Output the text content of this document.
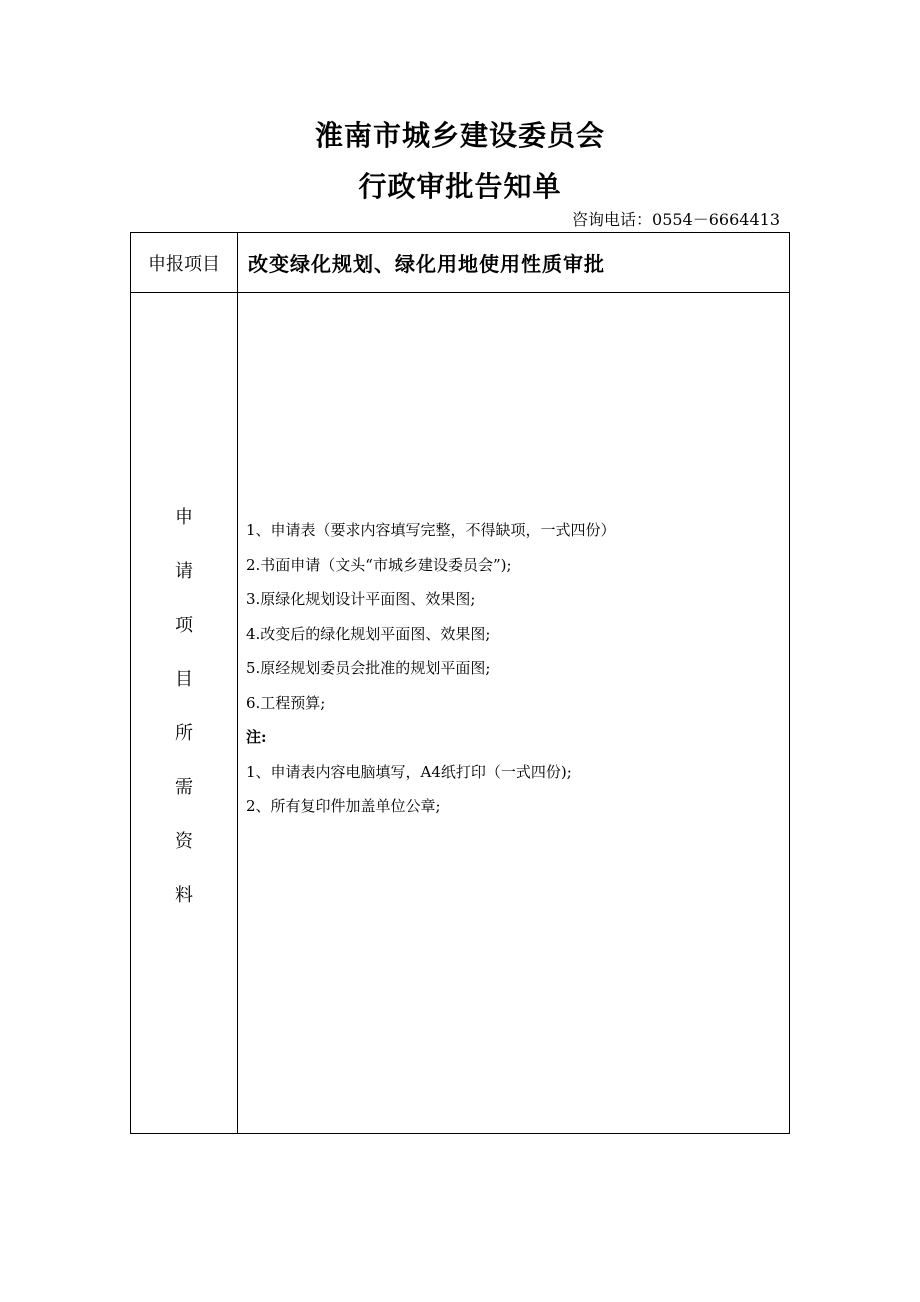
淮南市城乡建设委员会
行政审批告知单
咨询电话：0554－6664413
申报项目	改变绿化规划、绿化用地使用性质审批
申
请
项
目
所
需
资
料
1、申请表（要求内容填写完整，不得缺项，一式四份）
2.书面申请（文头“市城乡建设委员会”);
3.原绿化规划设计平面图、效果图;
4.改变后的绿化规划平面图、效果图;
5.原经规划委员会批准的规划平面图;
6.工程预算;
注:
1、申请表内容电脑填写，A4纸打印（一式四份);
2、所有复印件加盖单位公章;
